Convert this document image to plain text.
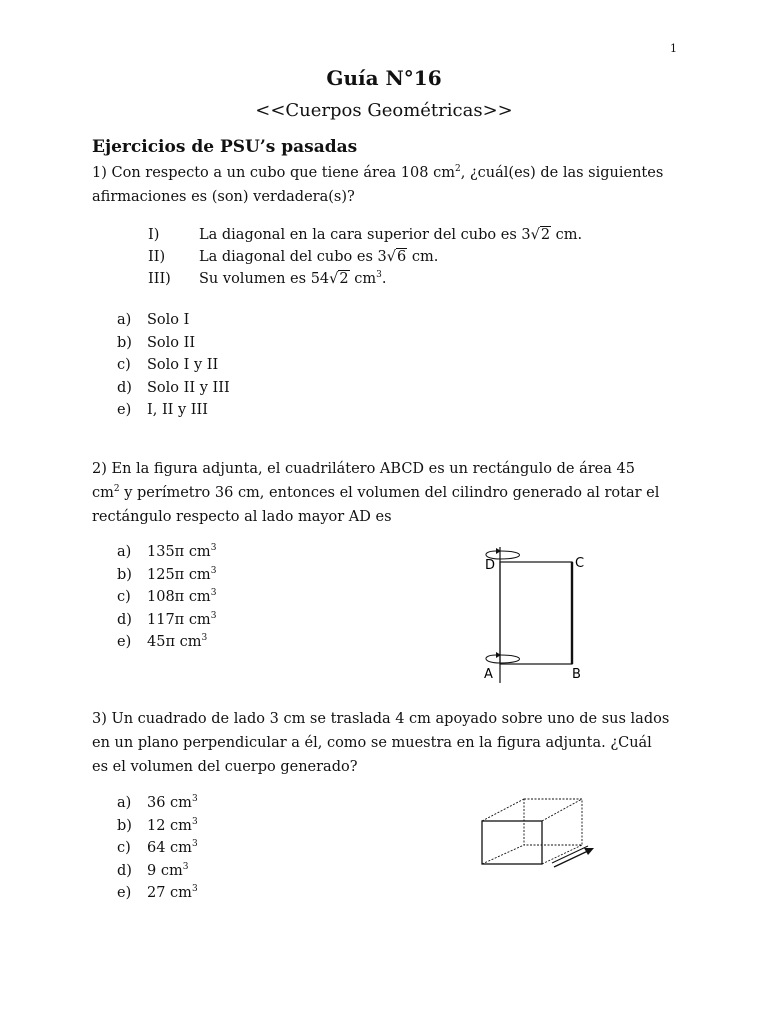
1
Guía N°16
<<Cuerpos Geométricas>>
Ejercicios de PSU’s pasadas
1) Con respecto a un cubo que tiene área 108 $cm^2$, ¿cuál(es) de las siguientes
afirmaciones es (son) verdadera(s)?
I)	La diagonal en la cara superior del cubo es 3√2 cm.
II) La diagonal del cubo es 3√6 cm.
III) Su volumen es 54√2 $cm^3$.
a) Solo I
b) Solo II
c) Solo I y II
d) Solo II y III
e) I, II y III
2) En la figura adjunta, el cuadrilátero ABCD es un rectángulo de área 45
$cm^2$ y perímetro 36 cm, entonces el volumen del cilindro generado al rotar el
rectángulo respecto al lado mayor AD es
a) 135π $cm^3$
b) 125π $cm^3$
c) 108π $cm^3$
d) 117π $cm^3$
e) 45π $cm^3$
D	C
A	B
3) Un cuadrado de lado 3 cm se traslada 4 cm apoyado sobre uno de sus lados
en un plano perpendicular a él, como se muestra en la figura adjunta. ¿Cuál
es el volumen del cuerpo generado?
a) 36 $cm^3$
b) 12 $cm^3$
c) 64 $cm^3$
d) 9 $cm^3$
e) 27 $cm^3$
